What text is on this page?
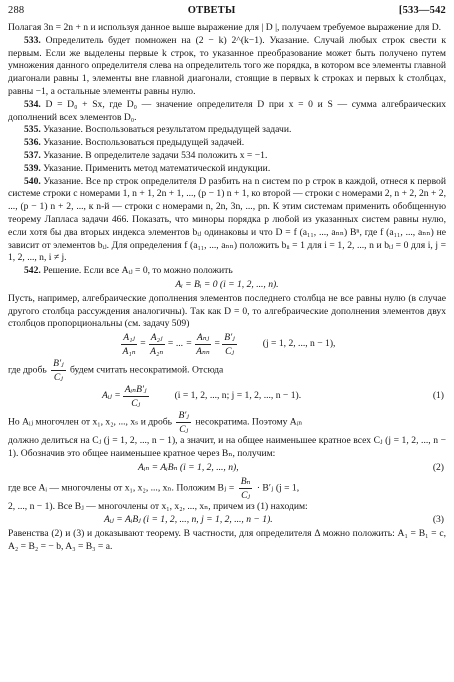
288	ОТВЕТЫ	[533—542

Полагая 3n = 2n + n и используя данное выше выражение для | D |, получаем требуемое выражение для D.

533. Определитель будет помножен на (2 − k) 2^(k−1). Указание. Случай любых строк свести к первым. Если же выделены первые k строк, то указанное преобразование может быть получено путем умножения данного определителя слева на определитель того же порядка, в котором все элементы главной диагонали равны 1, элементы вне главной диагонали, стоящие в первых k строках и первых k столбцах, равны −1, а остальные элементы равны нулю.

534. D = D₀ + Sx, где D₀ — значение определителя D при x = 0 и S — сумма алгебраических дополнений всех элементов D₀.

535. Указание. Воспользоваться результатом предыдущей задачи.

536. Указание. Воспользоваться предыдущей задачей.

537. Указание. В определителе задачи 534 положить x = −1.

539. Указание. Применить метод математической индукции.

540. Указание. Все np строк определителя D разбить на n систем по p строк в каждой, отнеся к первой системе строки с номерами 1, n + 1, 2n + 1, ..., (p − 1) n + 1, ко второй — строки с номерами 2, n + 2, 2n + 2, ..., (p − 1) n + 2, ..., к n-й — строки с номерами n, 2n, 3n, ..., pn. К этим системам применить обобщенную теорему Лапласа задачи 466. Показать, что миноры порядка p любой из указанных систем равны нулю, если хотя бы два вторых индекса элементов bᵢⱼ одинаковы и что D = f (a₁₁, ..., aₙₙ) Bⁿ, где f (a₁₁, ..., aₙₙ) не зависит от элементов bᵢⱼ. Для определения f (a₁₁, ..., aₙₙ) положить bᵢᵢ = 1 для i = 1, 2, ..., n и bᵢⱼ = 0 для i, j = 1, 2, ..., n, i ≠ j.

542. Решение. Если все Aᵢⱼ = 0, то можно положить

Aᵢ = Bᵢ = 0 (i = 1, 2, ..., n).

Пусть, например, алгебраические дополнения элементов последнего столбца не все равны нулю (в случае другого столбца рассуждения аналогичны). Так как D = 0, то алгебраические дополнения элементов двух столбцов пропорциональны (см. задачу 509)

$\frac{\text{A₁ⱼ}}{\text{A₁ₙ}} = \frac{\text{A₂ⱼ}}{\text{A₂ₙ}}$ = ... = $\frac{\text{Aₙⱼ}}{\text{Aₙₙ}} = \frac{\text{B′ⱼ}}{\text{Cⱼ}}$	(j = 1, 2, ..., n − 1),

где дробь $\frac{\text{B′ⱼ}}{\text{Cⱼ}}$ будем считать несократимой. Отсюда

Aᵢⱼ = $\frac{\text{AᵢₙB′ⱼ}}{\text{Cⱼ}}$	(i = 1, 2, ..., n; j = 1, 2, ..., n − 1).	(1)

Но Aᵢⱼ многочлен от x₁, x₂, ..., xₛ и дробь $\frac{\text{B′ⱼ}}{\text{Cⱼ}}$ несократима. Поэтому Aᵢₙ

должно делиться на Cⱼ (j = 1, 2, ..., n − 1), а значит, и на общее наименьшее кратное всех Cⱼ (j = 1, 2, ..., n − 1). Обозначив это общее наименьшее кратное через Bₙ, получим:

Aᵢₙ = AᵢBₙ (i = 1, 2, ..., n),	(2)

где все Aᵢ — многочлены от x₁, x₂, ..., xₙ. Положим Bⱼ = $\frac{\text{Bₙ}}{\text{Cⱼ}}$ · B′ⱼ (j = 1,

2, ..., n − 1). Все Bⱼ — многочлены от x₁, x₂, ..., xₙ, причем из (1) находим:

Aᵢⱼ = AᵢBⱼ (i = 1, 2, ..., n, j = 1, 2, ..., n − 1).	(3)

Равенства (2) и (3) и доказывают теорему. В частности, для определителя Δ можно положить: A₁ = B₁ = c, A₂ = B₂ = − b, A₃ = B₃ = a.
